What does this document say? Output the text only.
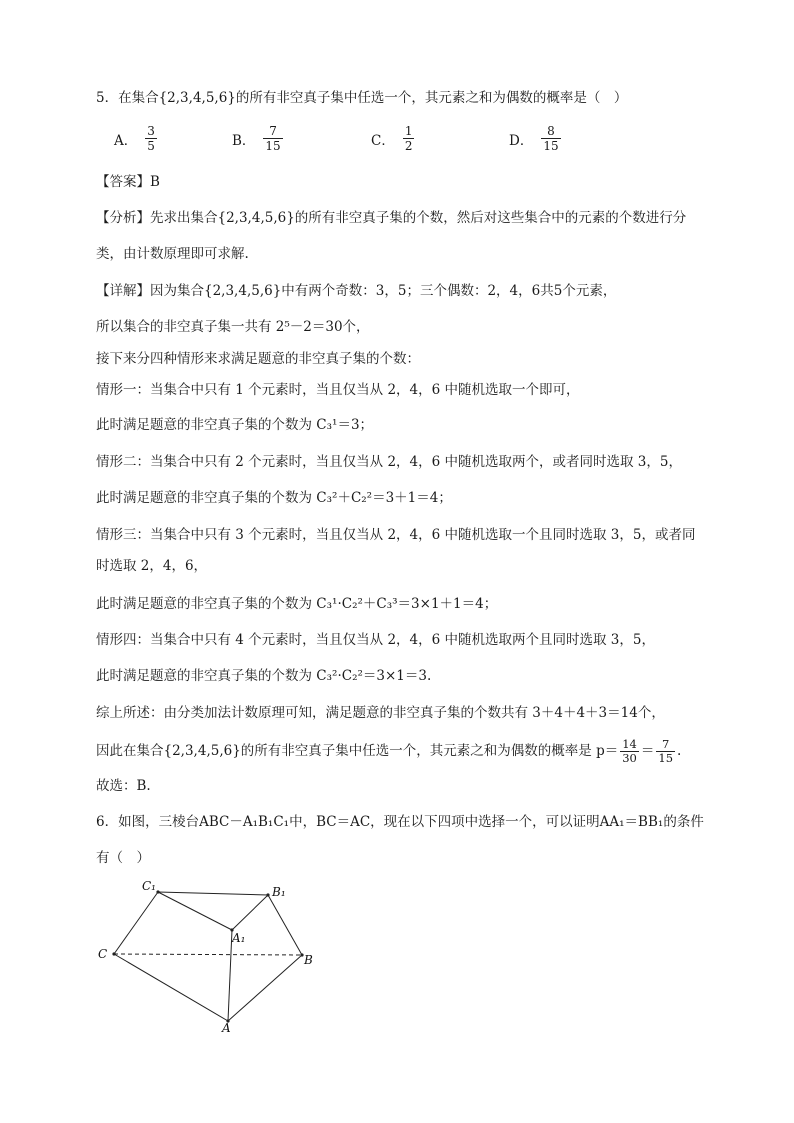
5．在集合{2,3,4,5,6}的所有非空真子集中任选一个，其元素之和为偶数的概率是（　）
A． $\frac{3}{5}$	B． $\frac{7}{15}$	C． $\frac{1}{2}$	D． $\frac{8}{15}$
【答案】B
【分析】先求出集合{2,3,4,5,6}的所有非空真子集的个数，然后对这些集合中的元素的个数进行分
类，由计数原理即可求解.
【详解】因为集合{2,3,4,5,6}中有两个奇数：3，5；三个偶数：2，4，6共5个元素，
所以集合的非空真子集一共有 2⁵－2＝30个，
接下来分四种情形来求满足题意的非空真子集的个数：
情形一：当集合中只有 1 个元素时，当且仅当从 2，4，6 中随机选取一个即可，
此时满足题意的非空真子集的个数为 C₃¹＝3；
情形二：当集合中只有 2 个元素时，当且仅当从 2，4，6 中随机选取两个，或者同时选取 3，5，
此时满足题意的非空真子集的个数为 C₃²＋C₂²＝3＋1＝4；
情形三：当集合中只有 3 个元素时，当且仅当从 2，4，6 中随机选取一个且同时选取 3，5，或者同
时选取 2，4，6，
此时满足题意的非空真子集的个数为 C₃¹·C₂²＋C₃³＝3×1＋1＝4；
情形四：当集合中只有 4 个元素时，当且仅当从 2，4，6 中随机选取两个且同时选取 3，5，
此时满足题意的非空真子集的个数为 C₃²·C₂²＝3×1＝3.
综上所述：由分类加法计数原理可知，满足题意的非空真子集的个数共有 3＋4＋4＋3＝14个，
因此在集合{2,3,4,5,6}的所有非空真子集中任选一个，其元素之和为偶数的概率是 $p= \frac{14}{30} = \frac{7}{15}$ .
故选：B.
6．如图，三棱台ABC－A₁B₁C₁中，BC＝AC，现在以下四项中选择一个，可以证明AA₁＝BB₁的条件
有（　）
C₁	B₁
A₁
C	B
A
